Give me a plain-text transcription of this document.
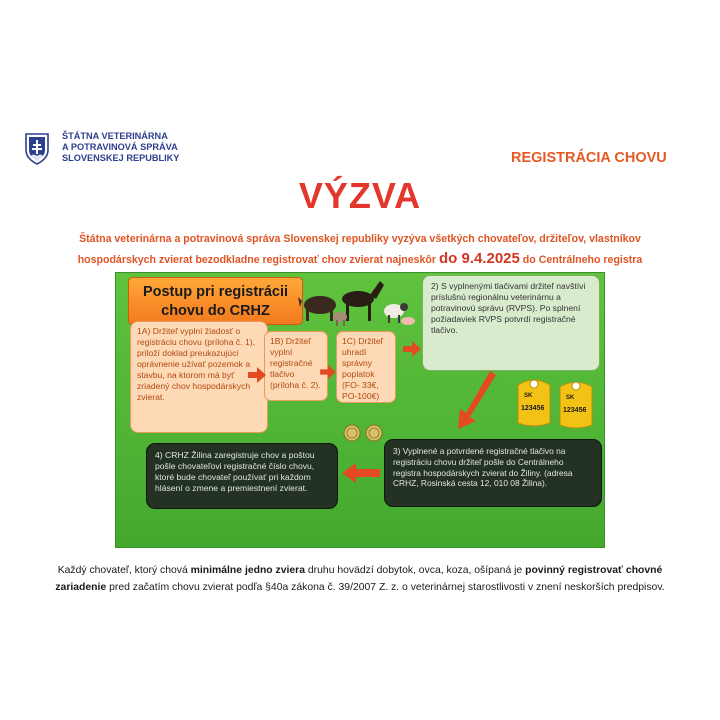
ŠTÁTNA VETERINÁRNA
A POTRAVINOVÁ SPRÁVA
SLOVENSKEJ REPUBLIKY	REGISTRÁCIA CHOVU
VÝZVA
Štátna veterinárna a potravinová správa Slovenskej republiky vyzýva všetkých chovateľov, držiteľov, vlastníkov hospodárskych zvierat bezodkladne registrovať chov zvierat najneskôr do 9.4.2025 do Centrálneho registra
Postup pri registrácii
chovu do CRHZ
1A) Držiteľ vyplní žiadosť o registráciu chovu (príloha č. 1), priloží doklad preukazujúci oprávnenie užívať pozemok a stavbu, na ktorom má byť zriadený chov hospodárskych zvierat.
1B) Držiteľ vyplní registračné tlačivo (príloha č. 2).
1C) Držiteľ uhradí správny poplatok (FO- 33€, PO-100€)
2) S vyplnenými tlačivami držiteľ navštívi príslušnú regionálnu veterinárnu a potravinovú správu (RVPS). Po splnení požiadaviek RVPS potvrdí registračné tlačivo.
SK
123456
SK
123456
3) Vyplnené a potvrdené registračné tlačivo na registráciu chovu držiteľ pošle do Centrálneho registra hospodárskych zvierat do Žiliny. (adresa CRHZ, Rosinská cesta 12, 010 08 Žilina).
4) CRHZ Žilina zaregistruje chov a poštou pošle chovateľovi registračné číslo chovu, ktoré bude chovateľ používať pri každom hlásení o zmene a premiestnení zvierat.
Každý chovateľ, ktorý chová minimálne jedno zviera druhu hovädzí dobytok, ovca, koza, ošípaná je povinný registrovať chovné zariadenie pred začatím chovu zvierat podľa §40a zákona č. 39/2007 Z. z. o veterinárnej starostlivosti v znení neskorších predpisov.
